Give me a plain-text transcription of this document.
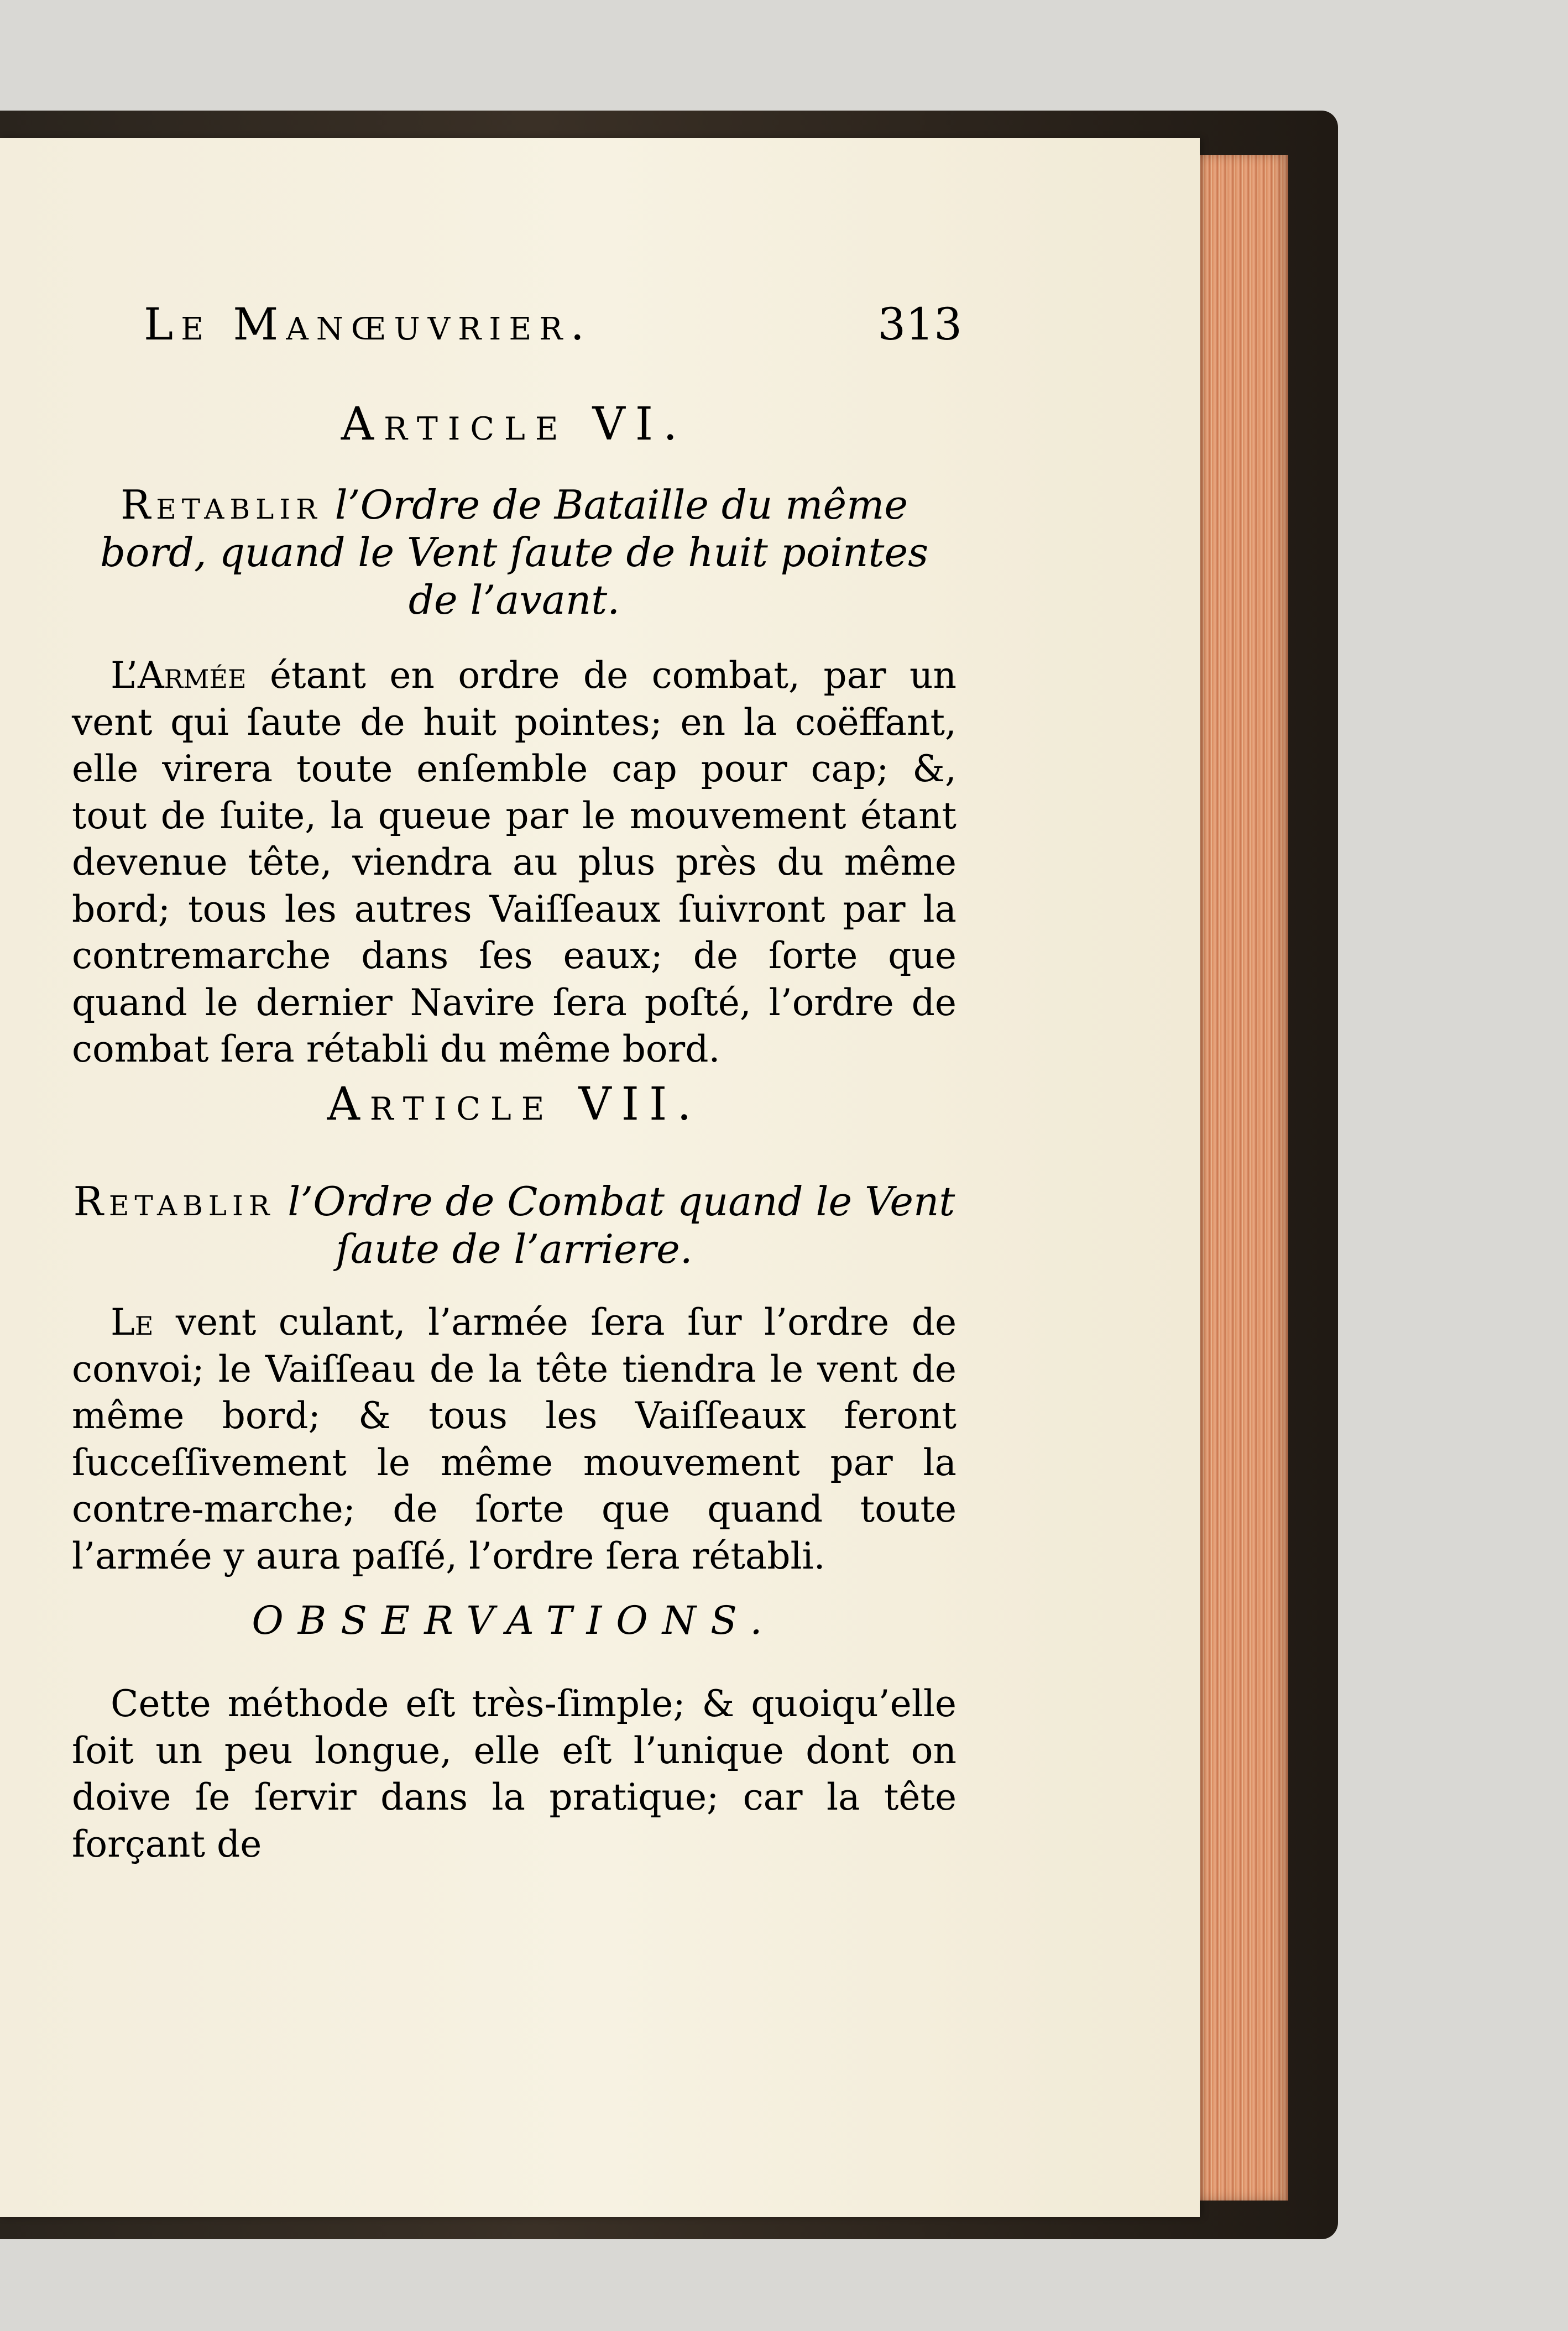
Le Manœuvrier.	313
Article VI.
Retablir l’Ordre de Bataille du même bord, quand le Vent ſaute de huit pointes de l’avant.
L’Armée étant en ordre de combat, par un vent qui ſaute de huit pointes; en la coëffant, elle virera toute enſemble cap pour cap; &, tout de ſuite, la queue par le mouvement étant devenue tête, viendra au plus près du même bord; tous les autres Vaiſſeaux ſuivront par la contremarche dans ſes eaux; de ſorte que quand le dernier Navire ſera poſté, l’ordre de combat ſera rétabli du même bord.
Article VII.
Retablir l’Ordre de Combat quand le Vent ſaute de l’arriere.
Le vent culant, l’armée ſera ſur l’ordre de convoi; le Vaiſſeau de la tête tiendra le vent de même bord; & tous les Vaiſſeaux feront ſucceſſivement le même mouvement par la contre-marche; de ſorte que quand toute l’armée y aura paſſé, l’ordre ſera rétabli.
OBSERVATIONS.
Cette méthode eſt très-ſimple; & quoiqu’elle ſoit un peu longue, elle eſt l’unique dont on doive ſe ſervir dans la pratique; car la tête forçant de
